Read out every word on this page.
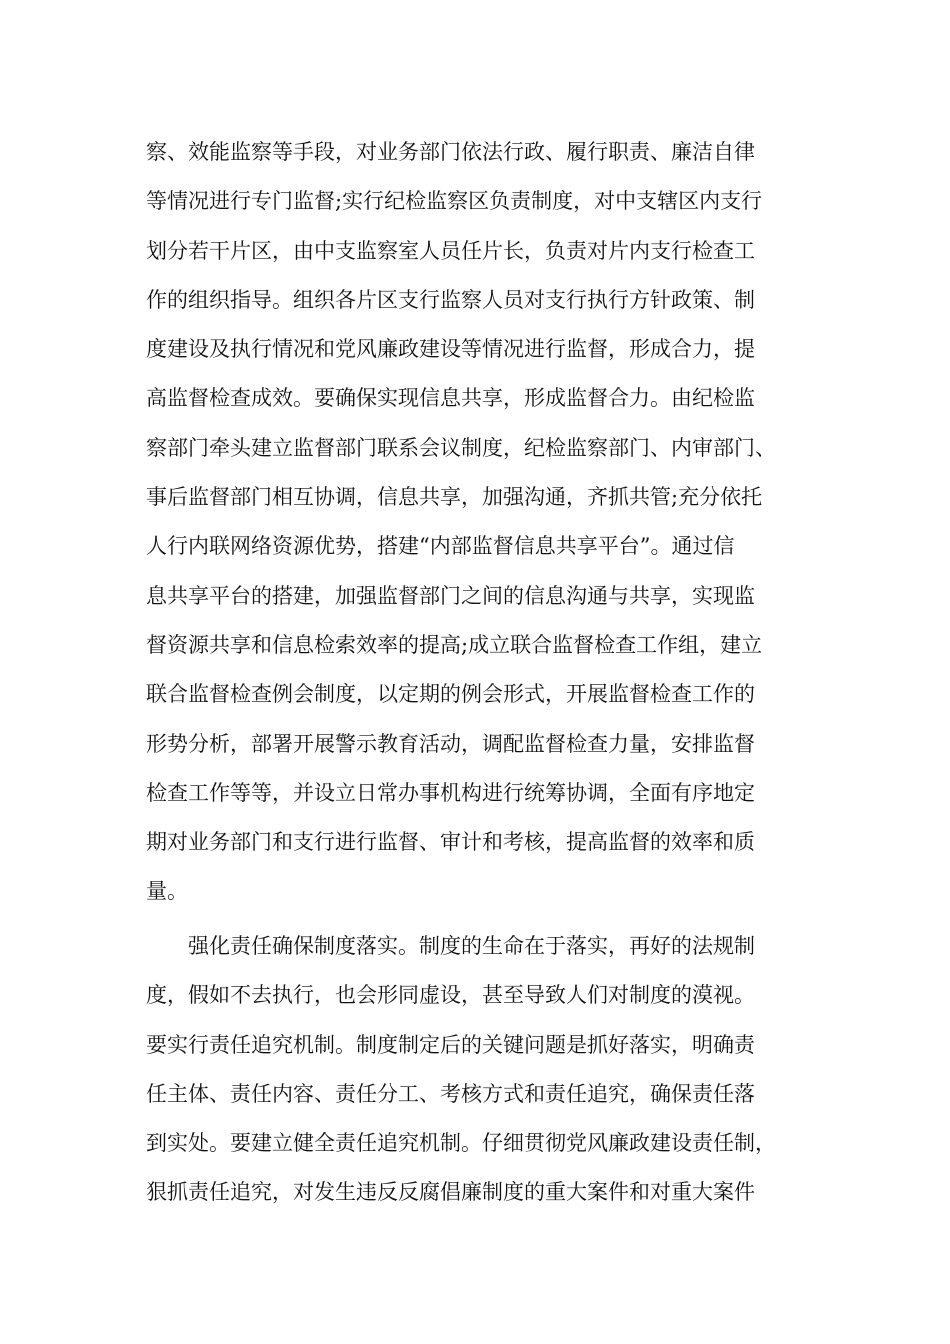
察、效能监察等手段，对业务部门依法行政、履行职责、廉洁自律
等情况进行专门监督;实行纪检监察区负责制度，对中支辖区内支行
划分若干片区，由中支监察室人员任片长，负责对片内支行检查工
作的组织指导。组织各片区支行监察人员对支行执行方针政策、制
度建设及执行情况和党风廉政建设等情况进行监督，形成合力，提
高监督检查成效。要确保实现信息共享，形成监督合力。由纪检监
察部门牵头建立监督部门联系会议制度，纪检监察部门、内审部门、
事后监督部门相互协调，信息共享，加强沟通，齐抓共管;充分依托
人行内联网络资源优势，搭建“内部监督信息共享平台”。通过信
息共享平台的搭建，加强监督部门之间的信息沟通与共享，实现监
督资源共享和信息检索效率的提高;成立联合监督检查工作组，建立
联合监督检查例会制度，以定期的例会形式，开展监督检查工作的
形势分析，部署开展警示教育活动，调配监督检查力量，安排监督
检查工作等等，并设立日常办事机构进行统筹协调，全面有序地定
期对业务部门和支行进行监督、审计和考核，提高监督的效率和质
量。
强化责任确保制度落实。制度的生命在于落实，再好的法规制
度，假如不去执行，也会形同虚设，甚至导致人们对制度的漠视。
要实行责任追究机制。制度制定后的关键问题是抓好落实，明确责
任主体、责任内容、责任分工、考核方式和责任追究，确保责任落
到实处。要建立健全责任追究机制。仔细贯彻党风廉政建设责任制，
狠抓责任追究，对发生违反反腐倡廉制度的重大案件和对重大案件
